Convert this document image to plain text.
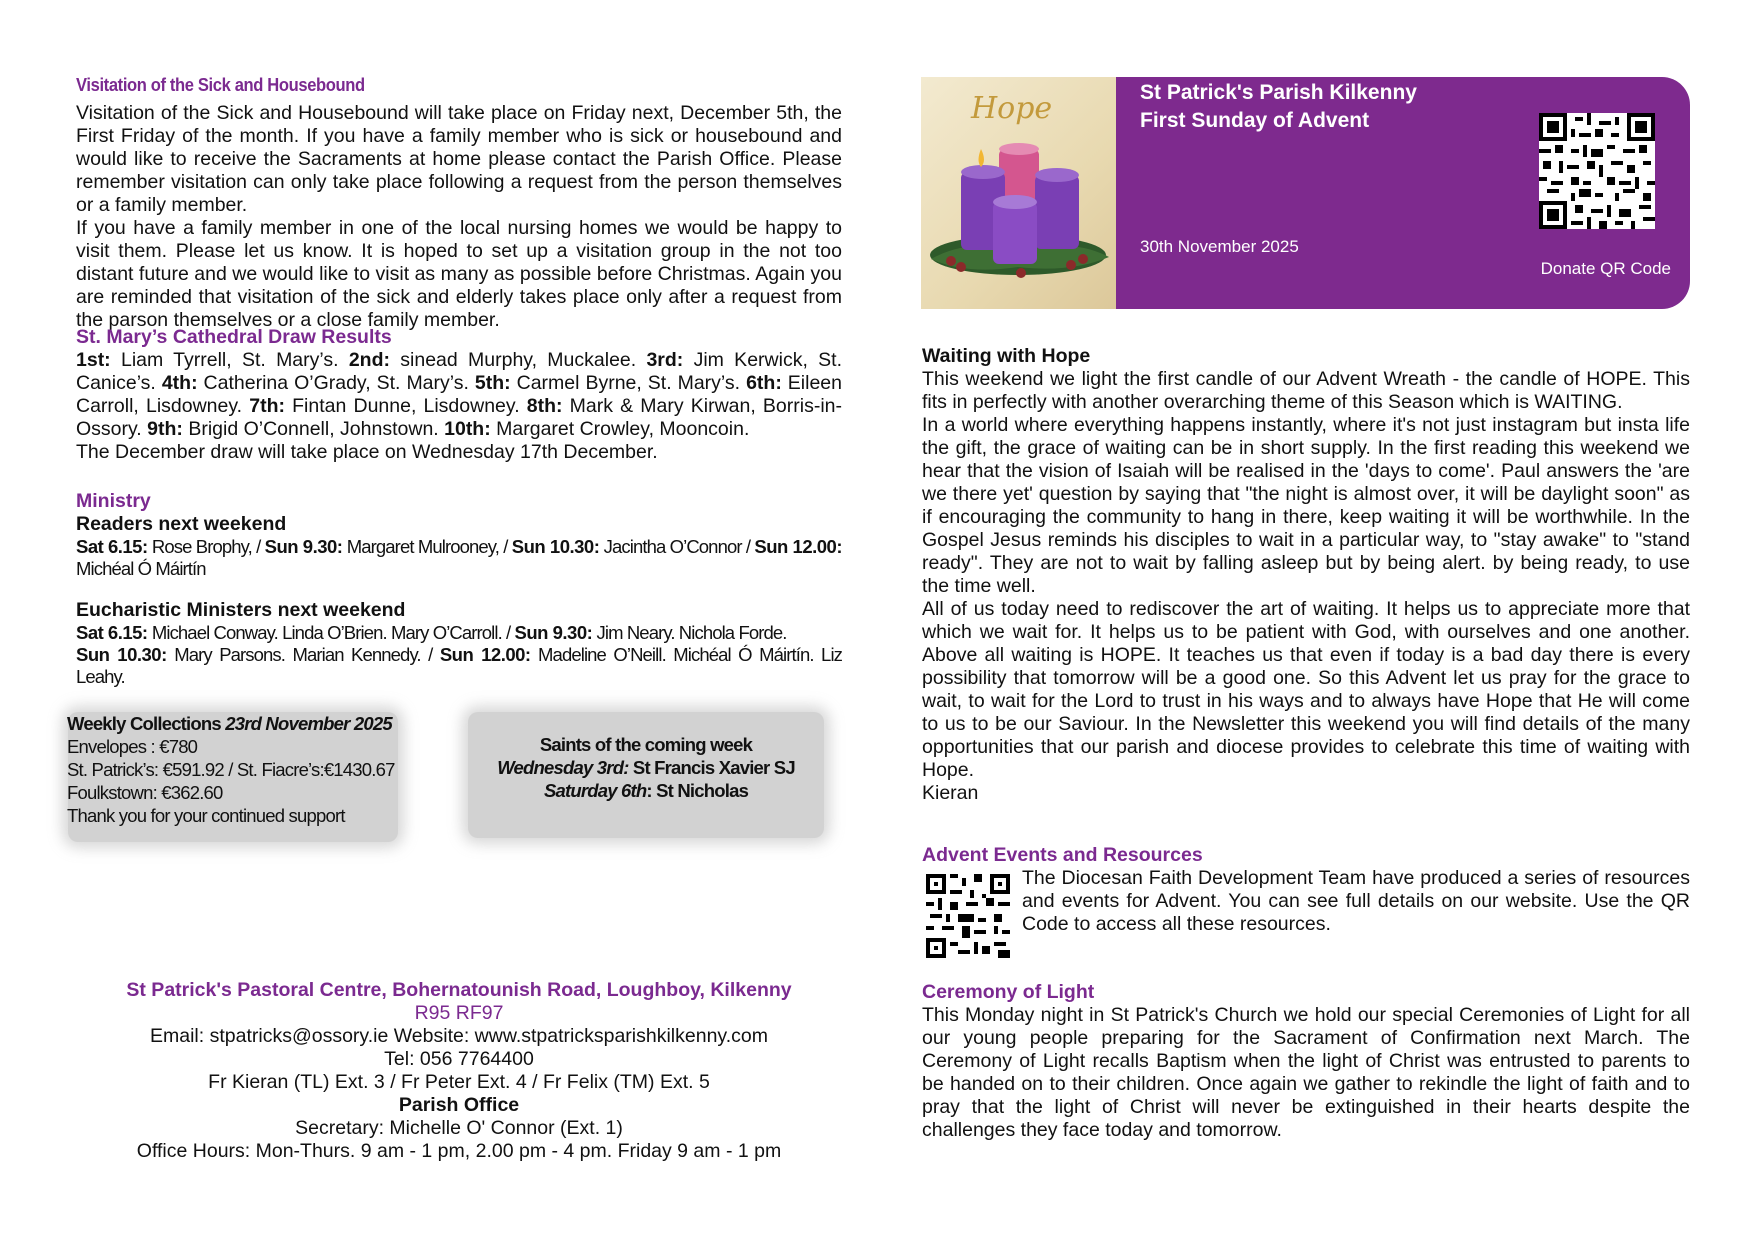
Visitation of the Sick and Housebound

Visitation of the Sick and Housebound will take place on Friday next, December 5th, the First Friday of the month. If you have a family member who is sick or housebound and would like to receive the Sacraments at home please contact the Parish Office. Please remember visitation can only take place following a request from the person themselves or a family member.

If you have a family member in one of the local nursing homes we would be happy to visit them. Please let us know. It is hoped to set up a visitation group in the not too distant future and we would like to visit as many as possible before Christmas. Again you are reminded that visitation of the sick and elderly takes place only after a request from the parson themselves or a close family member.

St. Mary’s Cathedral Draw Results

1st: Liam Tyrrell, St. Mary’s. 2nd: sinead Murphy, Muckalee. 3rd: Jim Kerwick, St. Canice’s. 4th: Catherina O’Grady, St. Mary’s. 5th: Carmel Byrne, St. Mary’s. 6th: Eileen Carroll, Lisdowney. 7th: Fintan Dunne, Lisdowney. 8th: Mark & Mary Kirwan, Borris-in-Ossory. 9th: Brigid O’Connell, Johnstown. 10th: Margaret Crowley, Mooncoin.

The December draw will take place on Wednesday 17th December.

Ministry
Readers next weekend

Sat 6.15: Rose Brophy, / Sun 9.30: Margaret Mulrooney, / Sun 10.30: Jacintha O’Connor / Sun 12.00: Michéal Ó Máirtín

Eucharistic Ministers next weekend

Sat 6.15: Michael Conway. Linda O’Brien. Mary O’Carroll. / Sun 9.30: Jim Neary. Nichola Forde.

Sun 10.30: Mary Parsons. Marian Kennedy. / Sun 12.00: Madeline O’Neill. Michéal Ó Máirtín. Liz Leahy.

Weekly Collections 23rd November 2025
Envelopes : €780
St. Patrick’s: €591.92 / St. Fiacre’s:€1430.67
Foulkstown: €362.60
Thank you for your continued support
Saints of the coming week
Wednesday 3rd: St Francis Xavier SJ
Saturday 6th: St Nicholas
St Patrick's Pastoral Centre, Bohernatounish Road, Loughboy, Kilkenny
R95 RF97
Email: stpatricks@ossory.ie Website: www.stpatricksparishkilkenny.com
Tel: 056 7764400
Fr Kieran (TL) Ext. 3 / Fr Peter Ext. 4 / Fr Felix (TM) Ext. 5
Parish Office
Secretary: Michelle O' Connor (Ext. 1)
Office Hours: Mon-Thurs. 9 am - 1 pm, 2.00 pm - 4 pm. Friday 9 am - 1 pm
Hope	St Patrick's Parish Kilkenny
First Sunday of Advent
30th November 2025
Donate QR Code
Waiting with Hope

This weekend we light the first candle of our Advent Wreath - the candle of HOPE. This fits in perfectly with another overarching theme of this Season which is WAITING.

In a world where everything happens instantly, where it's not just instagram but insta life the gift, the grace of waiting can be in short supply. In the first reading this weekend we hear that the vision of Isaiah will be realised in the 'days to come'. Paul answers the 'are we there yet' question by saying that "the night is almost over, it will be daylight soon" as if encouraging the community to hang in there, keep waiting it will be worthwhile. In the Gospel Jesus reminds his disciples to wait in a particular way, to "stay awake" to "stand ready". They are not to wait by falling asleep but by being alert. by being ready, to use the time well.

All of us today need to rediscover the art of waiting. It helps us to appreciate more that which we wait for. It helps us to be patient with God, with ourselves and one another. Above all waiting is HOPE. It teaches us that even if today is a bad day there is every possibility that tomorrow will be a good one. So this Advent let us pray for the grace to wait, to wait for the Lord to trust in his ways and to always have Hope that He will come to us to be our Saviour. In the Newsletter this weekend you will find details of the many opportunities that our parish and diocese provides to celebrate this time of waiting with Hope.

Kieran

Advent Events and Resources

The Diocesan Faith Development Team have produced a series of resources and events for Advent. You can see full details on our website. Use the QR Code to access all these resources.

Ceremony of Light

This Monday night in St Patrick's Church we hold our special Ceremonies of Light for all our young people preparing for the Sacrament of Confirmation next March. The Ceremony of Light recalls Baptism when the light of Christ was entrusted to parents to be handed on to their children. Once again we gather to rekindle the light of faith and to pray that the light of Christ will never be extinguished in their hearts despite the challenges they face today and tomorrow.
